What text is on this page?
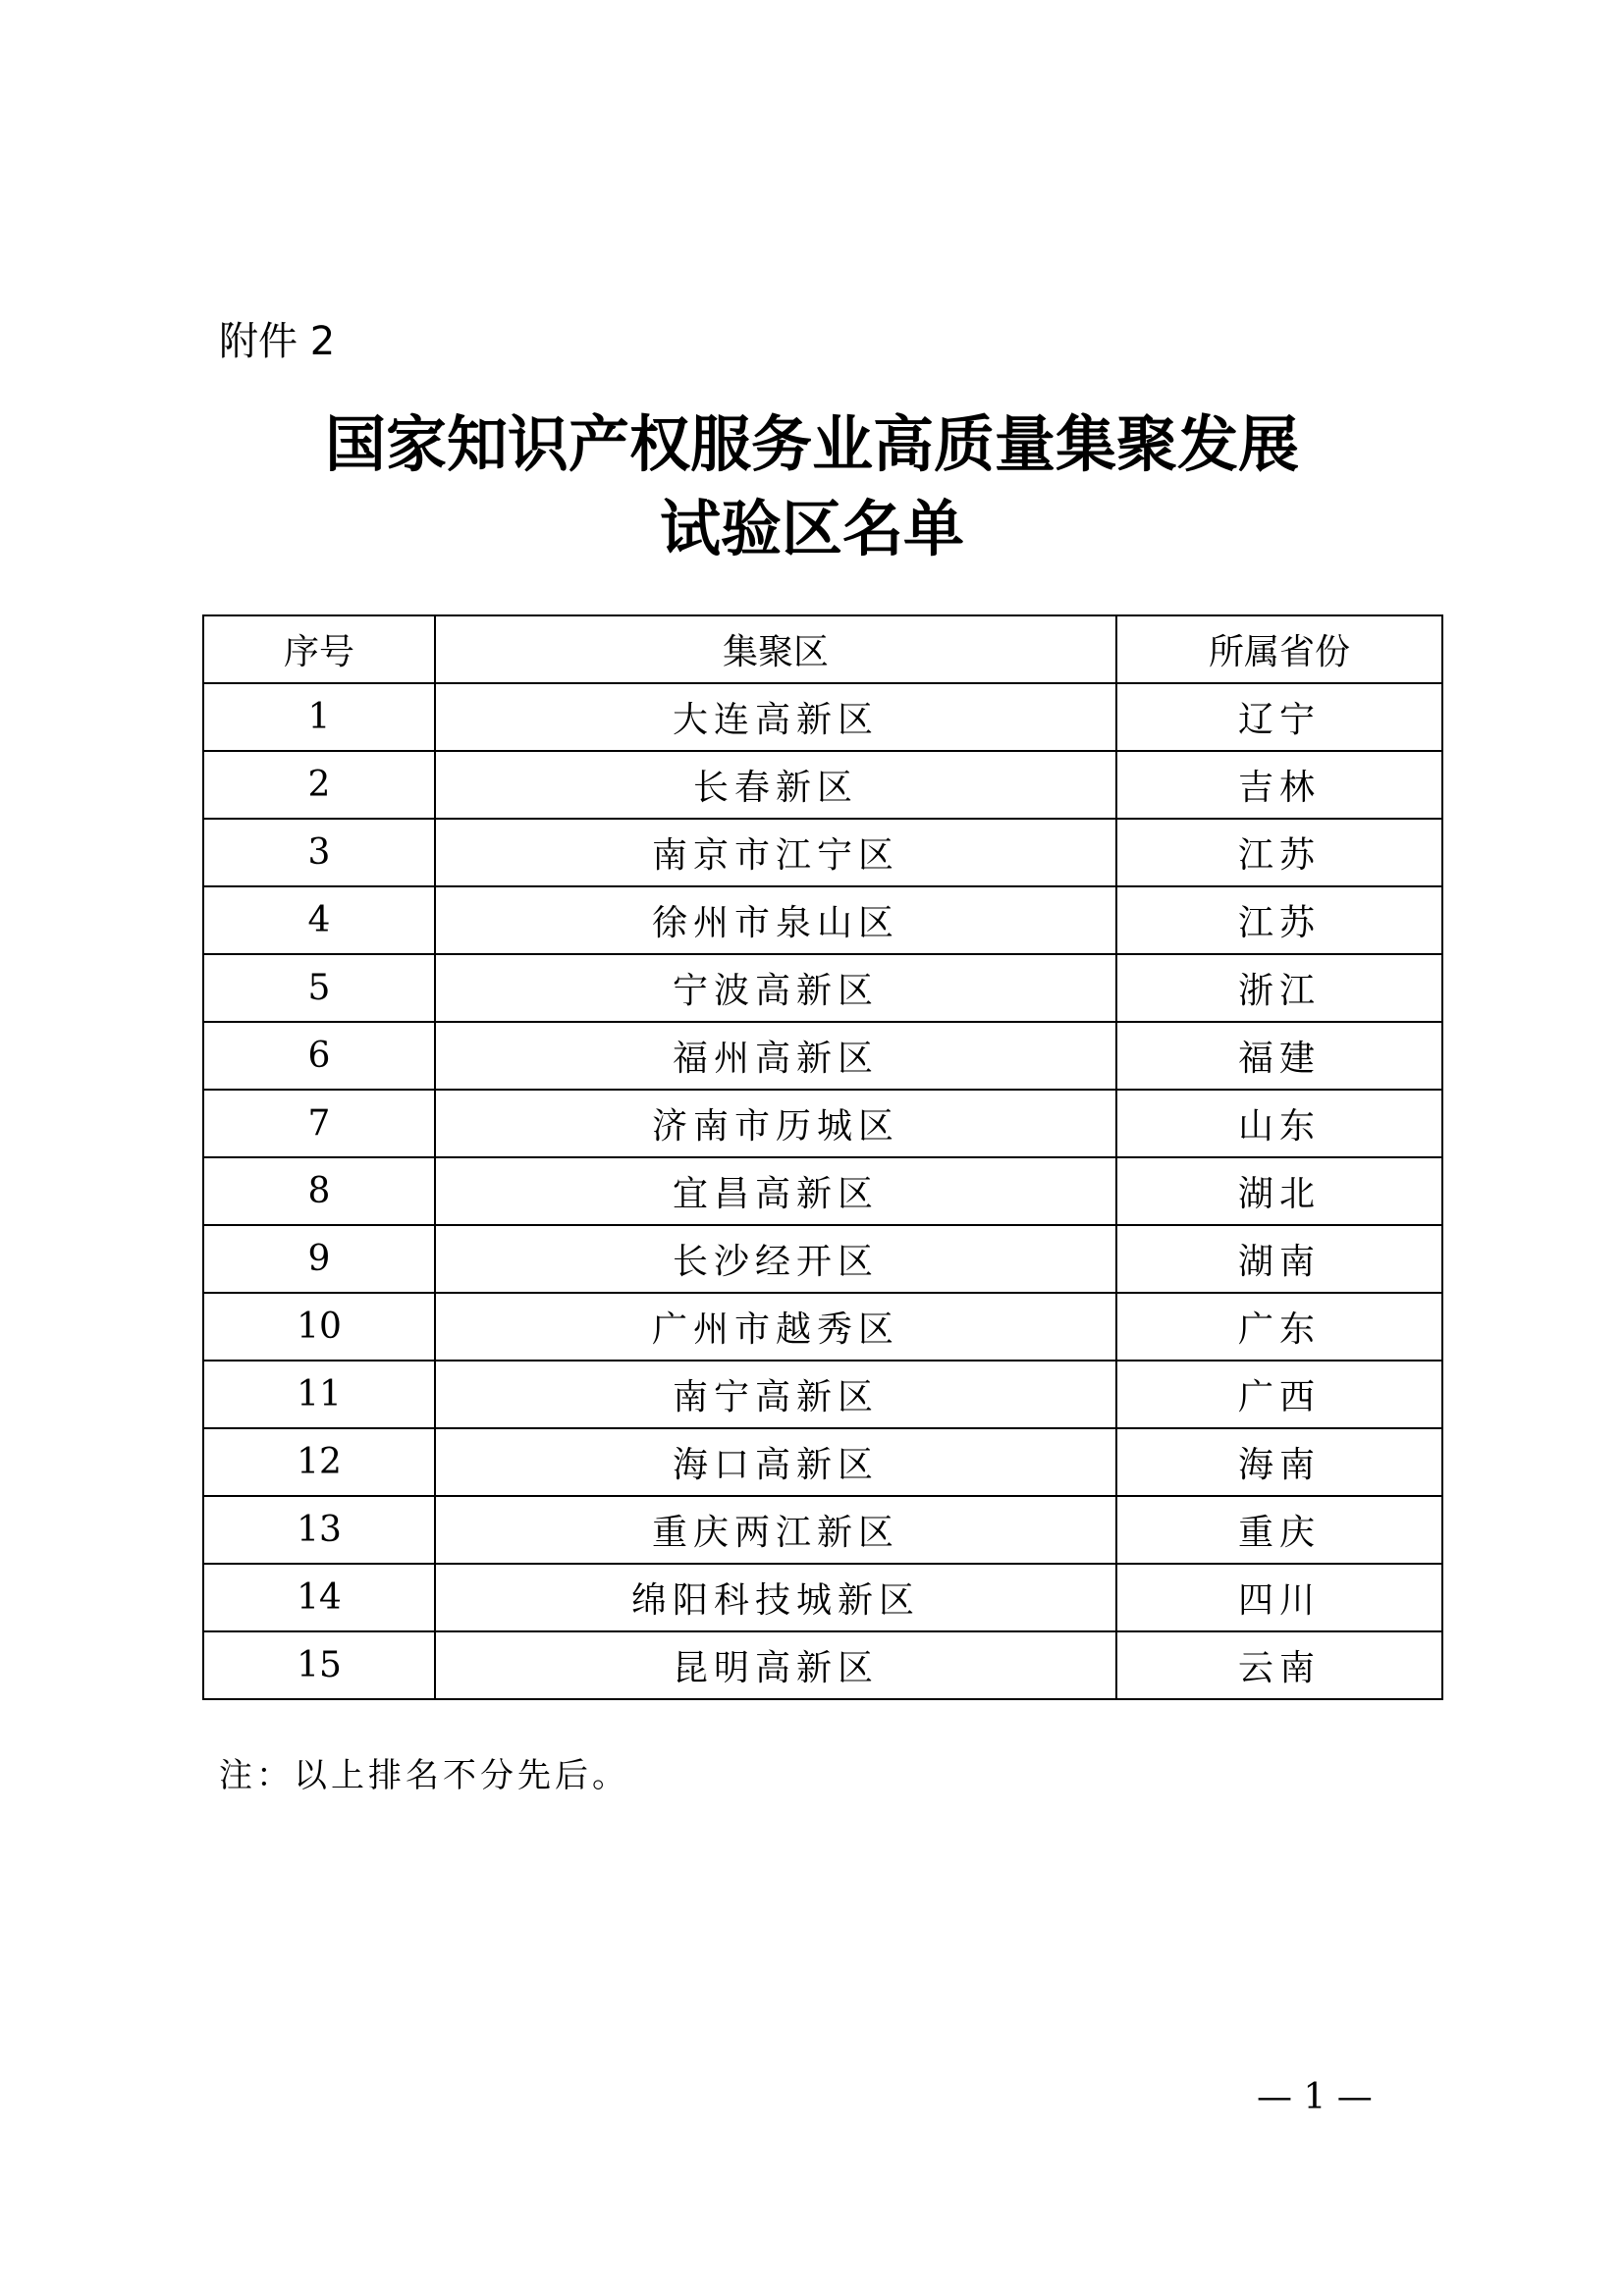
附件 2

国家知识产权服务业高质量集聚发展
试验区名单
序号	集聚区	所属省份
1	大连高新区	辽宁
2	长春新区	吉林
3	南京市江宁区	江苏
4	徐州市泉山区	江苏
5	宁波高新区	浙江
6	福州高新区	福建
7	济南市历城区	山东
8	宜昌高新区	湖北
9	长沙经开区	湖南
10	广州市越秀区	广东
11	南宁高新区	广西
12	海口高新区	海南
13	重庆两江新区	重庆
14	绵阳科技城新区	四川
15	昆明高新区	云南

注：以上排名不分先后。

— 1 —
